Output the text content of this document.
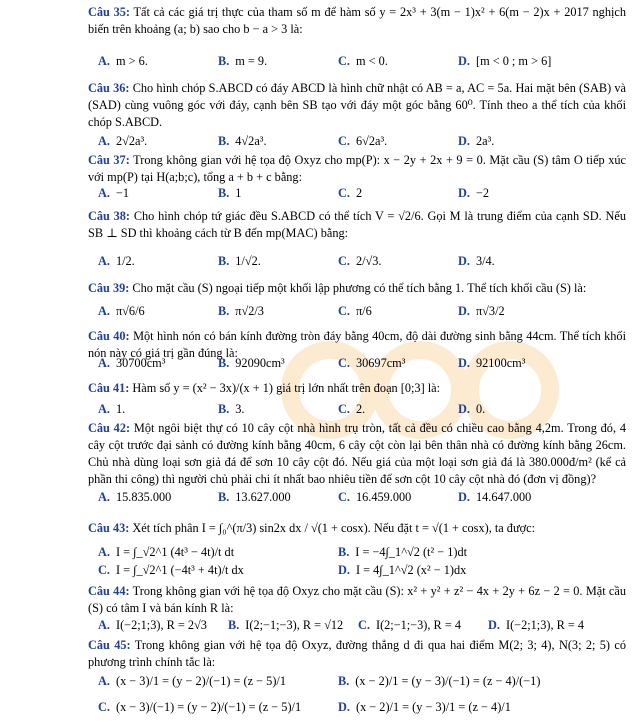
Câu 35: Tất cả các giá trị thực của tham số m để hàm số y = 2x³ + 3(m − 1)x² + 6(m − 2)x + 2017 nghịch biến trên khoảng (a; b) sao cho b − a > 3 là:
A. m > 6.	B. m = 9.	C. m < 0.	D. [m < 0 ; m > 6]
Câu 36: Cho hình chóp S.ABCD có đáy ABCD là hình chữ nhật có AB = a, AC = 5a. Hai mặt bên (SAB) và (SAD) cùng vuông góc với đáy, cạnh bên SB tạo với đáy một góc bằng 60⁰. Tính theo a thể tích của khối chóp S.ABCD.
A. 2√2a³.	B. 4√2a³.	C. 6√2a³.	D. 2a³.
Câu 37: Trong không gian với hệ tọa độ Oxyz cho mp(P): x − 2y + 2x + 9 = 0. Mặt cầu (S) tâm O tiếp xúc với mp(P) tại H(a;b;c), tổng a + b + c bằng:
A. −1	B. 1	C. 2	D. −2
Câu 38: Cho hình chóp tứ giác đều S.ABCD có thể tích V = √2/6. Gọi M là trung điểm của cạnh SD. Nếu SB ⊥ SD thì khoảng cách từ B đến mp(MAC) bằng:
A. 1/2.	B. 1/√2.	C. 2/√3.	D. 3/4.
Câu 39: Cho mặt cầu (S) ngoại tiếp một khối lập phương có thể tích bằng 1. Thể tích khối cầu (S) là:
A. π√6/6	B. π√2/3	C. π/6	D. π√3/2
Câu 40: Một hình nón có bán kính đường tròn đáy bằng 40cm, độ dài đường sinh bằng 44cm. Thể tích khối nón này có giá trị gần đúng là:
A. 30700cm³	B. 92090cm³	C. 30697cm³	D. 92100cm³
Câu 41: Hàm số y = (x² − 3x)/(x + 1) giá trị lớn nhất trên đoạn [0;3] là:
A. 1.	B. 3.	C. 2.	D. 0.
Câu 42: Một ngôi biệt thự có 10 cây cột nhà hình trụ tròn, tất cả đều có chiều cao bằng 4,2m. Trong đó, 4 cây cột trước đại sảnh có đường kính bằng 40cm, 6 cây cột còn lại bên thân nhà có đường kính bằng 26cm. Chủ nhà dùng loại sơn giả đá để sơn 10 cây cột đó. Nếu giá của một loại sơn giả đá là 380.000đ/m² (kể cả phần thi công) thì người chủ phải chi ít nhất bao nhiêu tiền để sơn cột 10 cây cột nhà đó (đơn vị đồng)?
A. 15.835.000	B. 13.627.000	C. 16.459.000	D. 14.647.000
Câu 43: Xét tích phân I = ∫₀^(π/3) sin2x dx / √(1 + cosx). Nếu đặt t = √(1 + cosx), ta được:
A. I = ∫_√2^1 (4t³ − 4t)/t dt	B. I = −4∫_1^√2 (t² − 1)dt
C. I = ∫_√2^1 (−4t³ + 4t)/t dx	D. I = 4∫_1^√2 (x² − 1)dx
Câu 44: Trong không gian với hệ tọa độ Oxyz cho mặt cầu (S): x² + y² + z² − 4x + 2y + 6z − 2 = 0. Mặt cầu (S) có tâm I và bán kính R là:
A. I(−2;1;3), R = 2√3 B. I(2;−1;−3), R = √12 C. I(2;−1;−3), R = 4 D. I(−2;1;3), R = 4
Câu 45: Trong không gian với hệ tọa độ Oxyz, đường thẳng d đi qua hai điểm M(2; 3; 4), N(3; 2; 5) có phương trình chính tắc là:
A. (x − 3)/1 = (y − 2)/(−1) = (z − 5)/1	B. (x − 2)/1 = (y − 3)/(−1) = (z − 4)/(−1)
C. (x − 3)/(−1) = (y − 2)/(−1) = (z − 5)/1	D. (x − 2)/1 = (y − 3)/1 = (z − 4)/1
